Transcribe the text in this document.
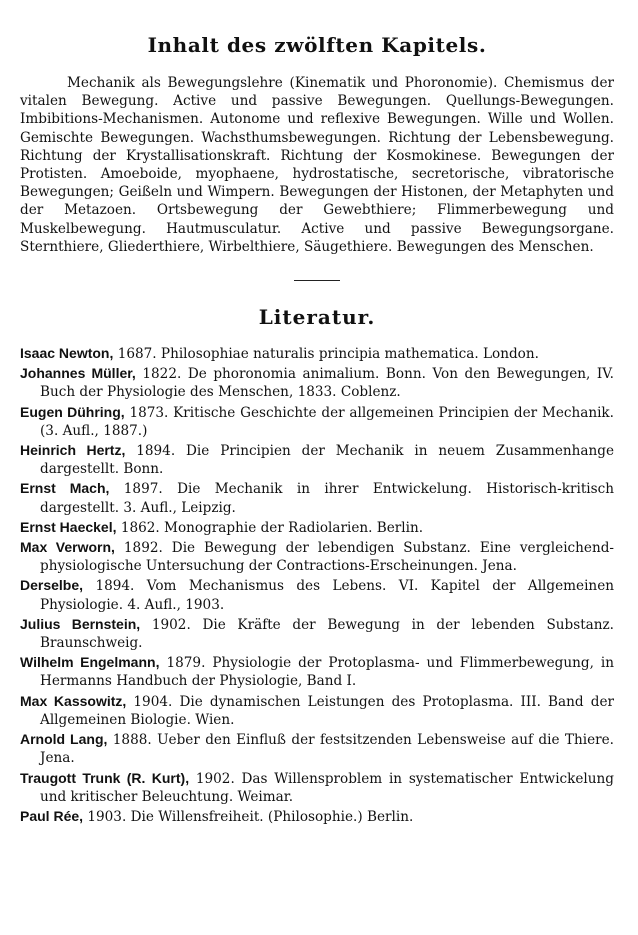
Inhalt des zwölften Kapitels.

Mechanik als Bewegungslehre (Kinematik und Phoronomie). Chemismus der vitalen Bewegung. Active und passive Bewegungen. Quellungs-Bewegungen. Imbibitions-Mechanismen. Autonome und reflexive Bewegungen. Wille und Wollen. Gemischte Bewegungen. Wachsthumsbewegungen. Richtung der Lebensbewegung. Richtung der Krystallisationskraft. Richtung der Kosmokinese. Bewegungen der Protisten. Amoeboide, myophaene, hydrostatische, secretorische, vibratorische Bewegungen; Geißeln und Wimpern. Bewegungen der Histonen, der Metaphyten und der Metazoen. Ortsbewegung der Gewebthiere; Flimmerbewegung und Muskelbewegung. Hautmusculatur. Active und passive Bewegungsorgane. Sternthiere, Gliederthiere, Wirbelthiere, Säugethiere. Bewegungen des Menschen.

Literatur.
Isaac Newton, 1687. Philosophiae naturalis principia mathematica. London.
Johannes Müller, 1822. De phoronomia animalium. Bonn. Von den Bewegungen, IV. Buch der Physiologie des Menschen, 1833. Coblenz.
Eugen Dühring, 1873. Kritische Geschichte der allgemeinen Principien der Mechanik. (3. Aufl., 1887.)
Heinrich Hertz, 1894. Die Principien der Mechanik in neuem Zusammenhange dargestellt. Bonn.
Ernst Mach, 1897. Die Mechanik in ihrer Entwickelung. Historisch-kritisch dargestellt. 3. Aufl., Leipzig.
Ernst Haeckel, 1862. Monographie der Radiolarien. Berlin.
Max Verworn, 1892. Die Bewegung der lebendigen Substanz. Eine vergleichend-physiologische Untersuchung der Contractions-Erscheinungen. Jena.
Derselbe, 1894. Vom Mechanismus des Lebens. VI. Kapitel der Allgemeinen Physiologie. 4. Aufl., 1903.
Julius Bernstein, 1902. Die Kräfte der Bewegung in der lebenden Substanz. Braunschweig.
Wilhelm Engelmann, 1879. Physiologie der Protoplasma- und Flimmerbewegung, in Hermanns Handbuch der Physiologie, Band I.
Max Kassowitz, 1904. Die dynamischen Leistungen des Protoplasma. III. Band der Allgemeinen Biologie. Wien.
Arnold Lang, 1888. Ueber den Einfluß der festsitzenden Lebensweise auf die Thiere. Jena.
Traugott Trunk (R. Kurt), 1902. Das Willensproblem in systematischer Entwickelung und kritischer Beleuchtung. Weimar.
Paul Rée, 1903. Die Willensfreiheit. (Philosophie.) Berlin.
